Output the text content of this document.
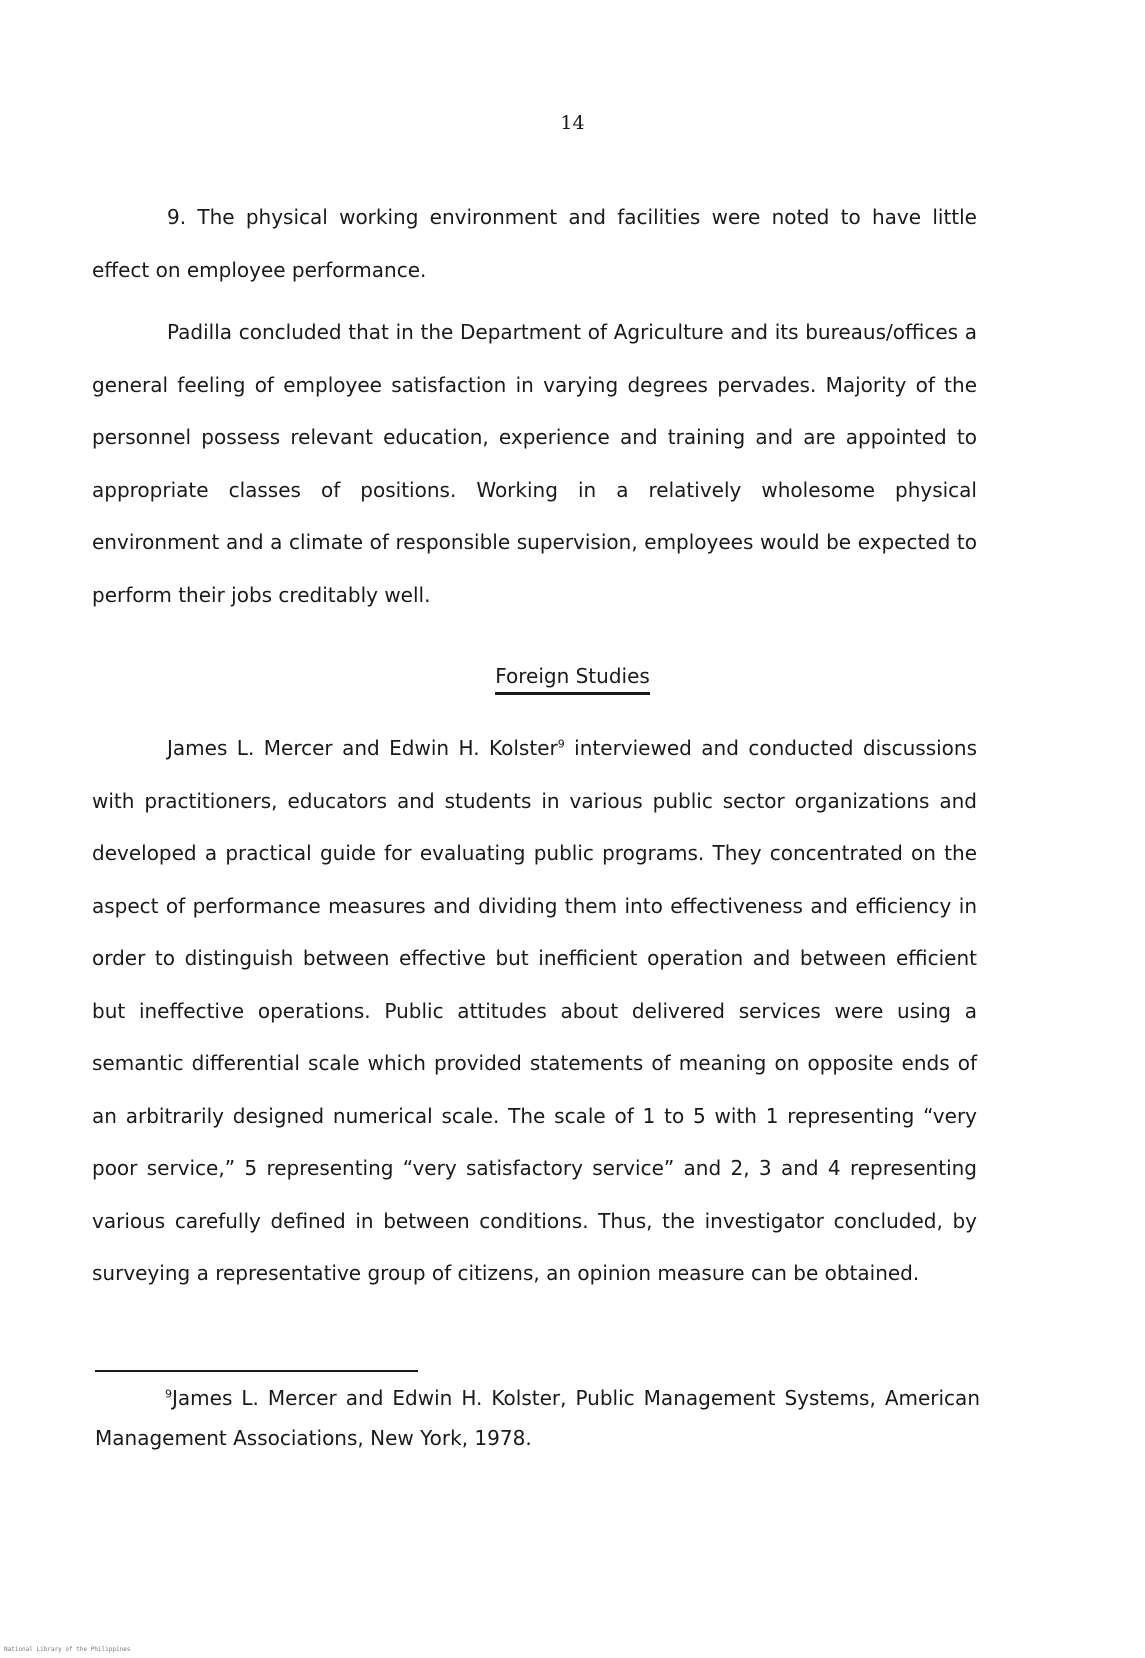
14

9. The physical working environment and facilities were noted to have little effect on employee performance.

Padilla concluded that in the Department of Agriculture and its bureaus/offices a general feeling of employee satisfaction in varying degrees pervades. Majority of the personnel possess relevant education, experience and training and are appointed to appropriate classes of positions. Working in a relatively wholesome physical environment and a climate of responsible supervision, employees would be expected to perform their jobs creditably well.

Foreign Studies

James L. Mercer and Edwin H. Kolster$^9$ interviewed and conducted discussions with practitioners, educators and students in various public sector organizations and developed a practical guide for evaluating public programs. They concentrated on the aspect of performance measures and dividing them into effectiveness and efficiency in order to distinguish between effective but inefficient operation and between efficient but ineffective operations. Public attitudes about delivered services were using a semantic differential scale which provided statements of meaning on opposite ends of an arbitrarily designed numerical scale. The scale of 1 to 5 with 1 representing “very poor service,” 5 representing “very satisfactory service” and 2, 3 and 4 representing various carefully defined in between conditions. Thus, the investigator concluded, by surveying a representative group of citizens, an opinion measure can be obtained.

$^9$James L. Mercer and Edwin H. Kolster, Public Management Systems, American Management Associations, New York, 1978.

National Library of the Philippines
